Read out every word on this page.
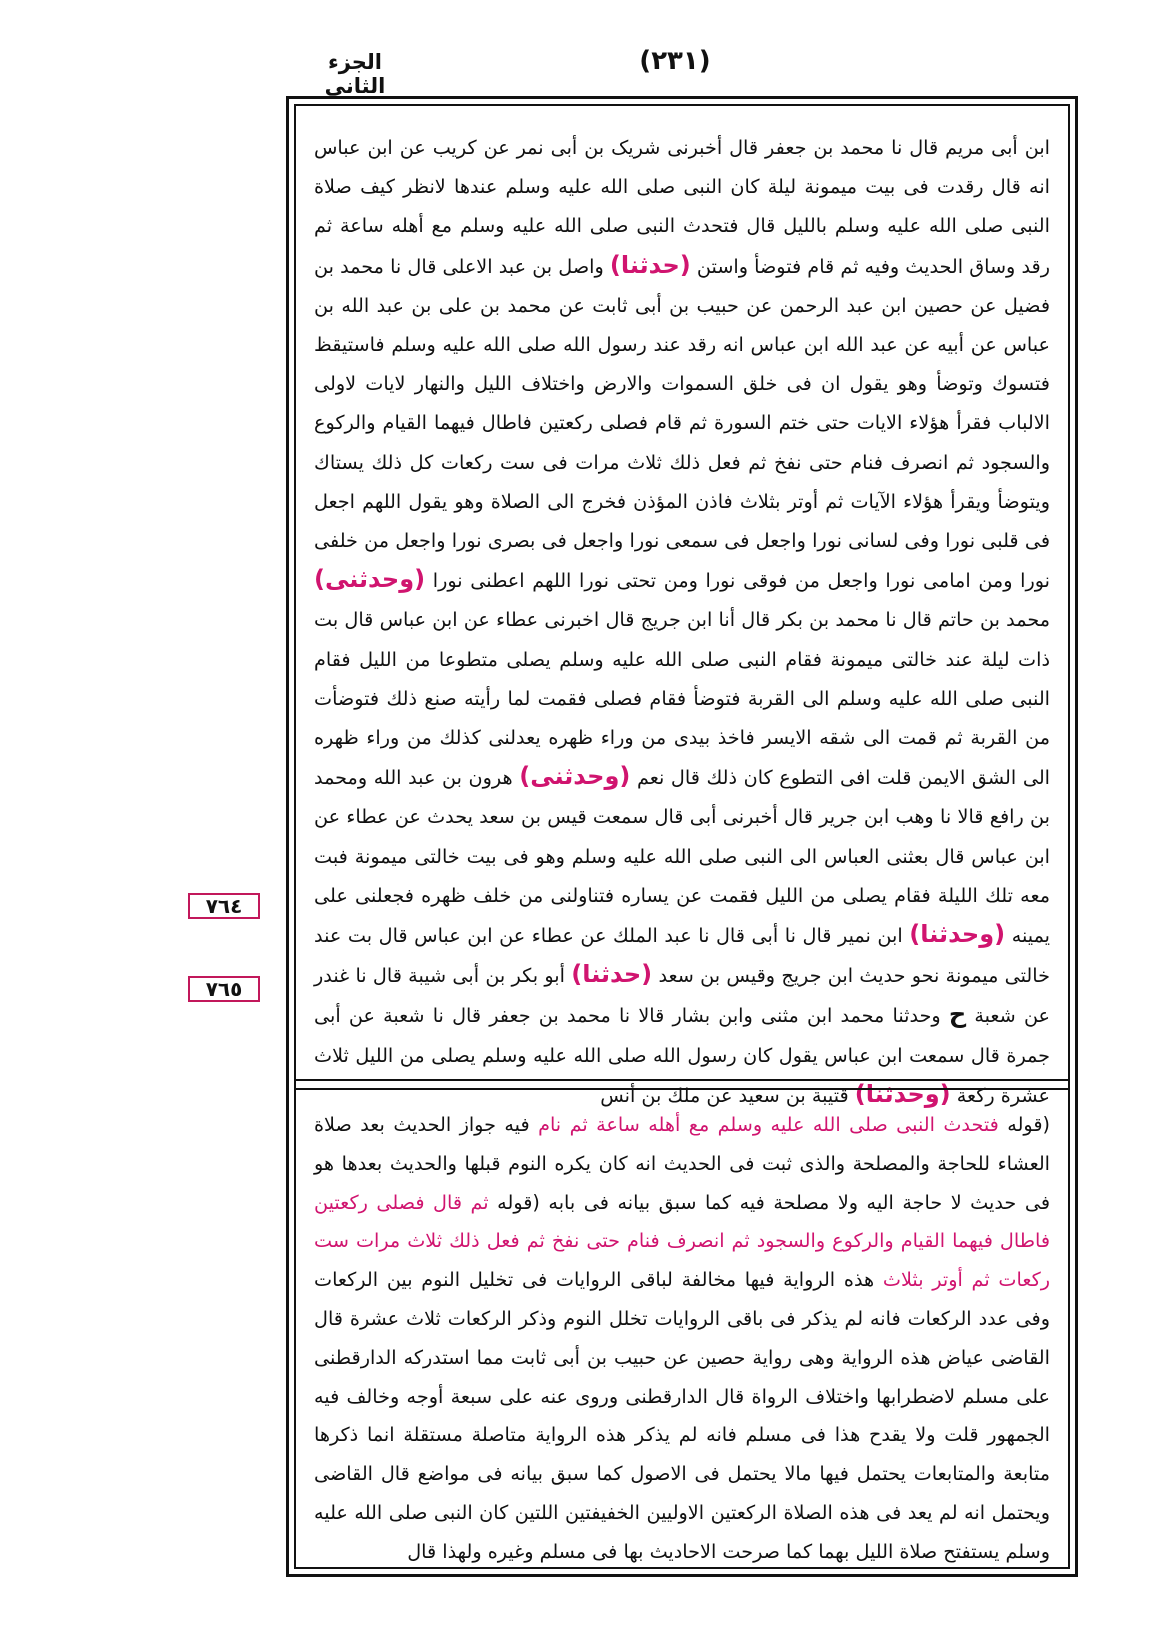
الجزء الثانی
(٢٣١)
٧٦٤
٧٦٥
ابن أبی مریم قال نا محمد بن جعفر قال أخبرنی شریک بن أبی نمر عن کریب عن ابن عباس انه قال رقدت فی بیت میمونة لیلة کان النبی صلی الله علیه وسلم عندها لانظر کیف صلاة النبی صلی الله علیه وسلم باللیل قال فتحدث النبی صلی الله علیه وسلم مع أهله ساعة ثم رقد وساق الحدیث وفیه ثم قام فتوضأ واستن (حدثنا) واصل بن عبد الاعلی قال نا محمد بن فضیل عن حصین ابن عبد الرحمن عن حبیب بن أبی ثابت عن محمد بن علی بن عبد الله بن عباس عن أبیه عن عبد الله ابن عباس انه رقد عند رسول الله صلی الله علیه وسلم فاستیقظ فتسوك وتوضأ وهو یقول ان فی خلق السموات والارض واختلاف اللیل والنهار لایات لاولی الالباب فقرأ هؤلاء الایات حتی ختم السورة ثم قام فصلی رکعتین فاطال فیهما القیام والرکوع والسجود ثم انصرف فنام حتی نفخ ثم فعل ذلك ثلاث مرات فی ست رکعات کل ذلك یستاك ویتوضأ ویقرأ هؤلاء الآیات ثم أوتر بثلاث فاذن المؤذن فخرج الی الصلاة وهو یقول اللهم اجعل فی قلبی نورا وفی لسانی نورا واجعل فی سمعی نورا واجعل فی بصری نورا واجعل من خلفی نورا ومن امامی نورا واجعل من فوقی نورا ومن تحتی نورا اللهم اعطنی نورا (وحدثنی) محمد بن حاتم قال نا محمد بن بکر قال أنا ابن جریج قال اخبرنی عطاء عن ابن عباس قال بت ذات لیلة عند خالتی میمونة فقام النبی صلی الله علیه وسلم یصلی متطوعا من اللیل فقام النبی صلی الله علیه وسلم الی القربة فتوضأ فقام فصلی فقمت لما رأیته صنع ذلك فتوضأت من القربة ثم قمت الی شقه الایسر فاخذ بیدی من وراء ظهره یعدلنی کذلك من وراء ظهره الی الشق الایمن قلت افی التطوع کان ذلك قال نعم (وحدثنی) هرون بن عبد الله ومحمد بن رافع قالا نا وهب ابن جریر قال أخبرنی أبی قال سمعت قیس بن سعد یحدث عن عطاء عن ابن عباس قال بعثنی العباس الی النبی صلی الله علیه وسلم وهو فی بیت خالتی میمونة فبت معه تلك اللیلة فقام یصلی من اللیل فقمت عن یساره فتناولنی من خلف ظهره فجعلنی علی یمینه (وحدثنا) ابن نمیر قال نا أبی قال نا عبد الملك عن عطاء عن ابن عباس قال بت عند خالتی میمونة نحو حدیث ابن جریج وقیس بن سعد (حدثنا) أبو بکر بن أبی شیبة قال نا غندر عن شعبة ح وحدثنا محمد ابن مثنی وابن بشار قالا نا محمد بن جعفر قال نا شعبة عن أبی جمرة قال سمعت ابن عباس یقول کان رسول الله صلی الله علیه وسلم یصلی من اللیل ثلاث عشرة رکعة (وحدثنا) قتیبة بن سعید عن ملك بن أنس
(قوله فتحدث النبی صلی الله علیه وسلم مع أهله ساعة ثم نام فیه جواز الحدیث بعد صلاة العشاء للحاجة والمصلحة والذی ثبت فی الحدیث انه کان یکره النوم قبلها والحدیث بعدها هو فی حدیث لا حاجة الیه ولا مصلحة فیه کما سبق بیانه فی بابه (قوله ثم قال فصلی رکعتین فاطال فیهما القیام والرکوع والسجود ثم انصرف فنام حتی نفخ ثم فعل ذلك ثلاث مرات ست رکعات ثم أوتر بثلاث هذه الروایة فیها مخالفة لباقی الروایات فی تخلیل النوم بین الرکعات وفی عدد الرکعات فانه لم یذکر فی باقی الروایات تخلل النوم وذکر الرکعات ثلاث عشرة قال القاضی عیاض هذه الروایة وهی روایة حصین عن حبیب بن أبی ثابت مما استدرکه الدارقطنی علی مسلم لاضطرابها واختلاف الرواة قال الدارقطنی وروی عنه علی سبعة أوجه وخالف فیه الجمهور قلت ولا یقدح هذا فی مسلم فانه لم یذکر هذه الروایة متاصلة مستقلة انما ذکرها متابعة والمتابعات یحتمل فیها مالا یحتمل فی الاصول کما سبق بیانه فی مواضع قال القاضی ویحتمل انه لم یعد فی هذه الصلاة الرکعتین الاولیین الخفیفتین اللتین کان النبی صلی الله علیه وسلم یستفتح صلاة اللیل بهما کما صرحت الاحادیث بها فی مسلم وغیره ولهذا قال
